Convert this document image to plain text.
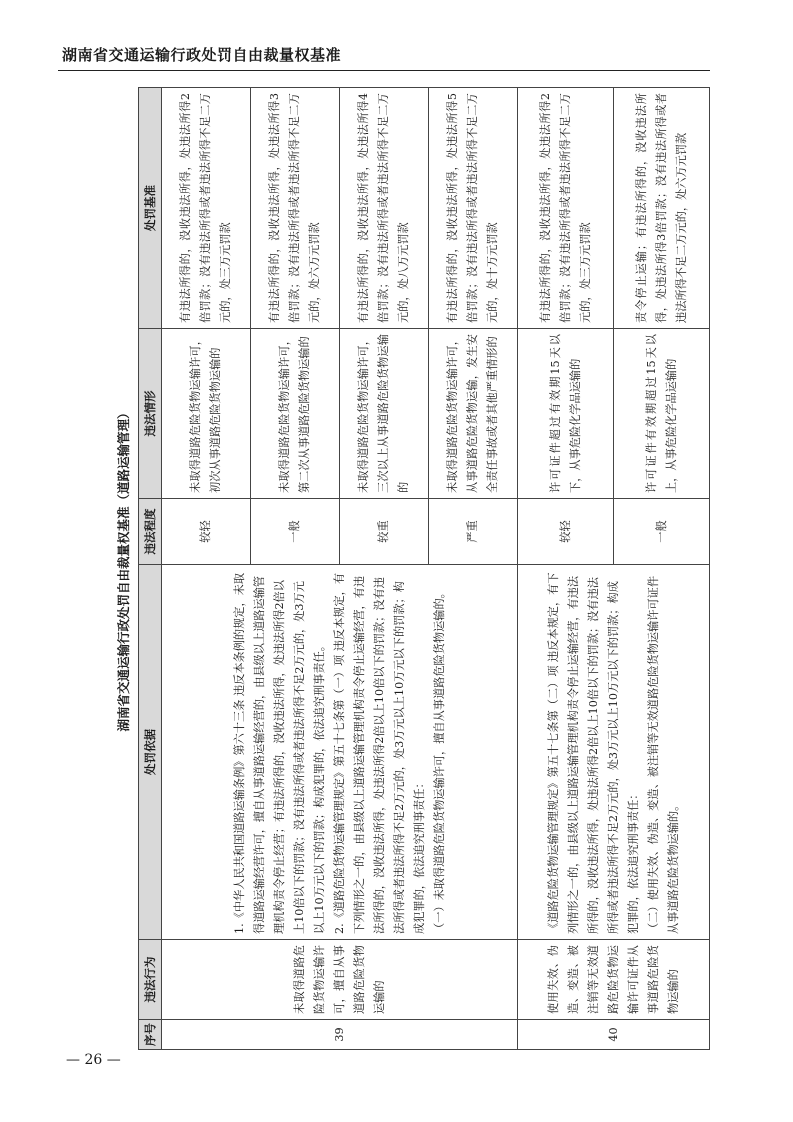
湖南省交通运输行政处罚自由裁量权基准
湖南省交通运输行政处罚自由裁量权基准（道路运输管理）
序号	违法行为	处罚依据	违法程度	违法情形	处罚基准
39	未取得道路危险货物运输许可，擅自从事道路危险货物运输的	1.《中华人民共和国道路运输条例》第六十三条 违反本条例的规定，未取得道路运输经营许可，擅自从事道路运输经营的，由县级以上道路运输管理机构责令停止经营；有违法所得的，没收违法所得，处违法所得2倍以上10倍以下的罚款；没有违法所得或者违法所得不足2万元的，处3万元以上10万元以下的罚款；构成犯罪的，依法追究刑事责任。 2.《道路危险货物运输管理规定》第五十七条第（一）项 违反本规定，有下列情形之一的，由县级以上道路运输管理机构责令停止运输经营，有违法所得的，没收违法所得，处违法所得2倍以上10倍以下的罚款；没有违法所得或者违法所得不足2万元的，处3万元以上10万元以下的罚款；构成犯罪的，依法追究刑事责任： （一）未取得道路危险货物运输许可，擅自从事道路危险货物运输的。	较轻	未取得道路危险货物运输许可，初次从事道路危险货物运输的	有违法所得的，没收违法所得，处违法所得2倍罚款；没有违法所得或者违法所得不足二万元的，处三万元罚款
			一般	未取得道路危险货物运输许可，第二次从事道路危险货物运输的	有违法所得的，没收违法所得，处违法所得3倍罚款；没有违法所得或者违法所得不足二万元的，处六万元罚款
			较重	未取得道路危险货物运输许可，三次以上从事道路危险货物运输的	有违法所得的，没收违法所得，处违法所得4倍罚款；没有违法所得或者违法所得不足二万元的，处八万元罚款
			严重	未取得道路危险货物运输许可，从事道路危险货物运输，发生安全责任事故或者其他严重情形的	有违法所得的，没收违法所得，处违法所得5倍罚款；没有违法所得或者违法所得不足二万元的，处十万元罚款
40	使用失效、伪造、变造、被注销等无效道路危险货物运输许可证件从事道路危险货物运输的	《道路危险货物运输管理规定》第五十七条第（二）项 违反本规定，有下列情形之一的，由县级以上道路运输管理机构责令停止运输经营，有违法所得的，没收违法所得，处违法所得2倍以上10倍以下的罚款；没有违法所得或者违法所得不足2万元的，处3万元以上10万元以下的罚款；构成犯罪的，依法追究刑事责任： （二）使用失效、伪造、变造、被注销等无效道路危险货物运输许可证件从事道路危险货物运输的。	较轻	许可证件超过有效期15天以下，从事危险化学品运输的	有违法所得的，没收违法所得，处违法所得2倍罚款；没有违法所得或者违法所得不足二万元的，处三万元罚款
			一般	许可证件有效期超过15天以上，从事危险化学品运输的	责令停止运输；有违法所得的，没收违法所得，处违法所得3倍罚款；没有违法所得或者违法所得不足二万元的，处六万元罚款
— 26 —
